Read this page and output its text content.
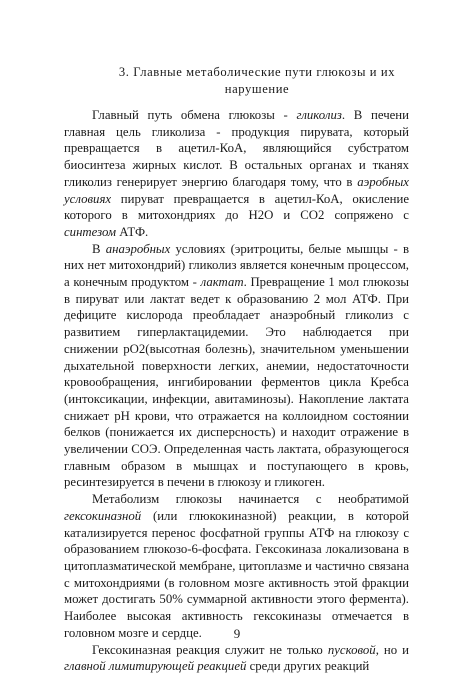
3. Главные метаболические пути глюкозы и их
нарушение

Главный путь обмена глюкозы - гликолиз. В печени главная цель гликолиза - продукция пирувата, который превращается в ацетил-КоА, являющийся субстратом биосинтеза жирных кислот. В остальных органах и тканях гликолиз генерирует энергию благодаря тому, что в аэробных условиях пируват превращается в ацетил-КоА, окисление которого в митохондриях до Н2О и СО2 сопряжено с синтезом АТФ.

В анаэробных условиях (эритроциты, белые мышцы - в них нет митохондрий) гликолиз является конечным процессом, а конечным продуктом - лактат. Превращение 1 мол глюкозы в пируват или лактат ведет к образованию 2 мол АТФ. При дефиците кислорода преобладает анаэробный гликолиз с развитием гиперлактацидемии. Это наблюдается при снижении рО2(высотная болезнь), значительном уменьшении дыхательной поверхности легких, анемии, недостаточности кровообращения, ингибировании ферментов цикла Кребса (интоксикации, инфекции, авитаминозы). Накопление лактата снижает рН крови, что отражается на коллоидном состоянии белков (понижается их дисперсность) и находит отражение в увеличении СОЭ. Определенная часть лактата, образующегося главным образом в мышцах и поступающего в кровь, ресинтезируется в печени в глюкозу и гликоген.

Метаболизм глюкозы начинается с необратимой гексокиназной (или глюкокиназной) реакции, в которой катализируется перенос фосфатной группы АТФ на глюкозу с образованием глюкозо-6-фосфата. Гексокиназа локализована в цитоплазматической мембране, цитоплазме и частично связана с митохондриями (в головном мозге активность этой фракции может достигать 50% суммарной активности этого фермента). Наиболее высокая активность гексокиназы отмечается в головном мозге и сердце.

Гексокиназная реакция служит не только пусковой, но и главной лимитирующей реакцией среди других реакций

9
